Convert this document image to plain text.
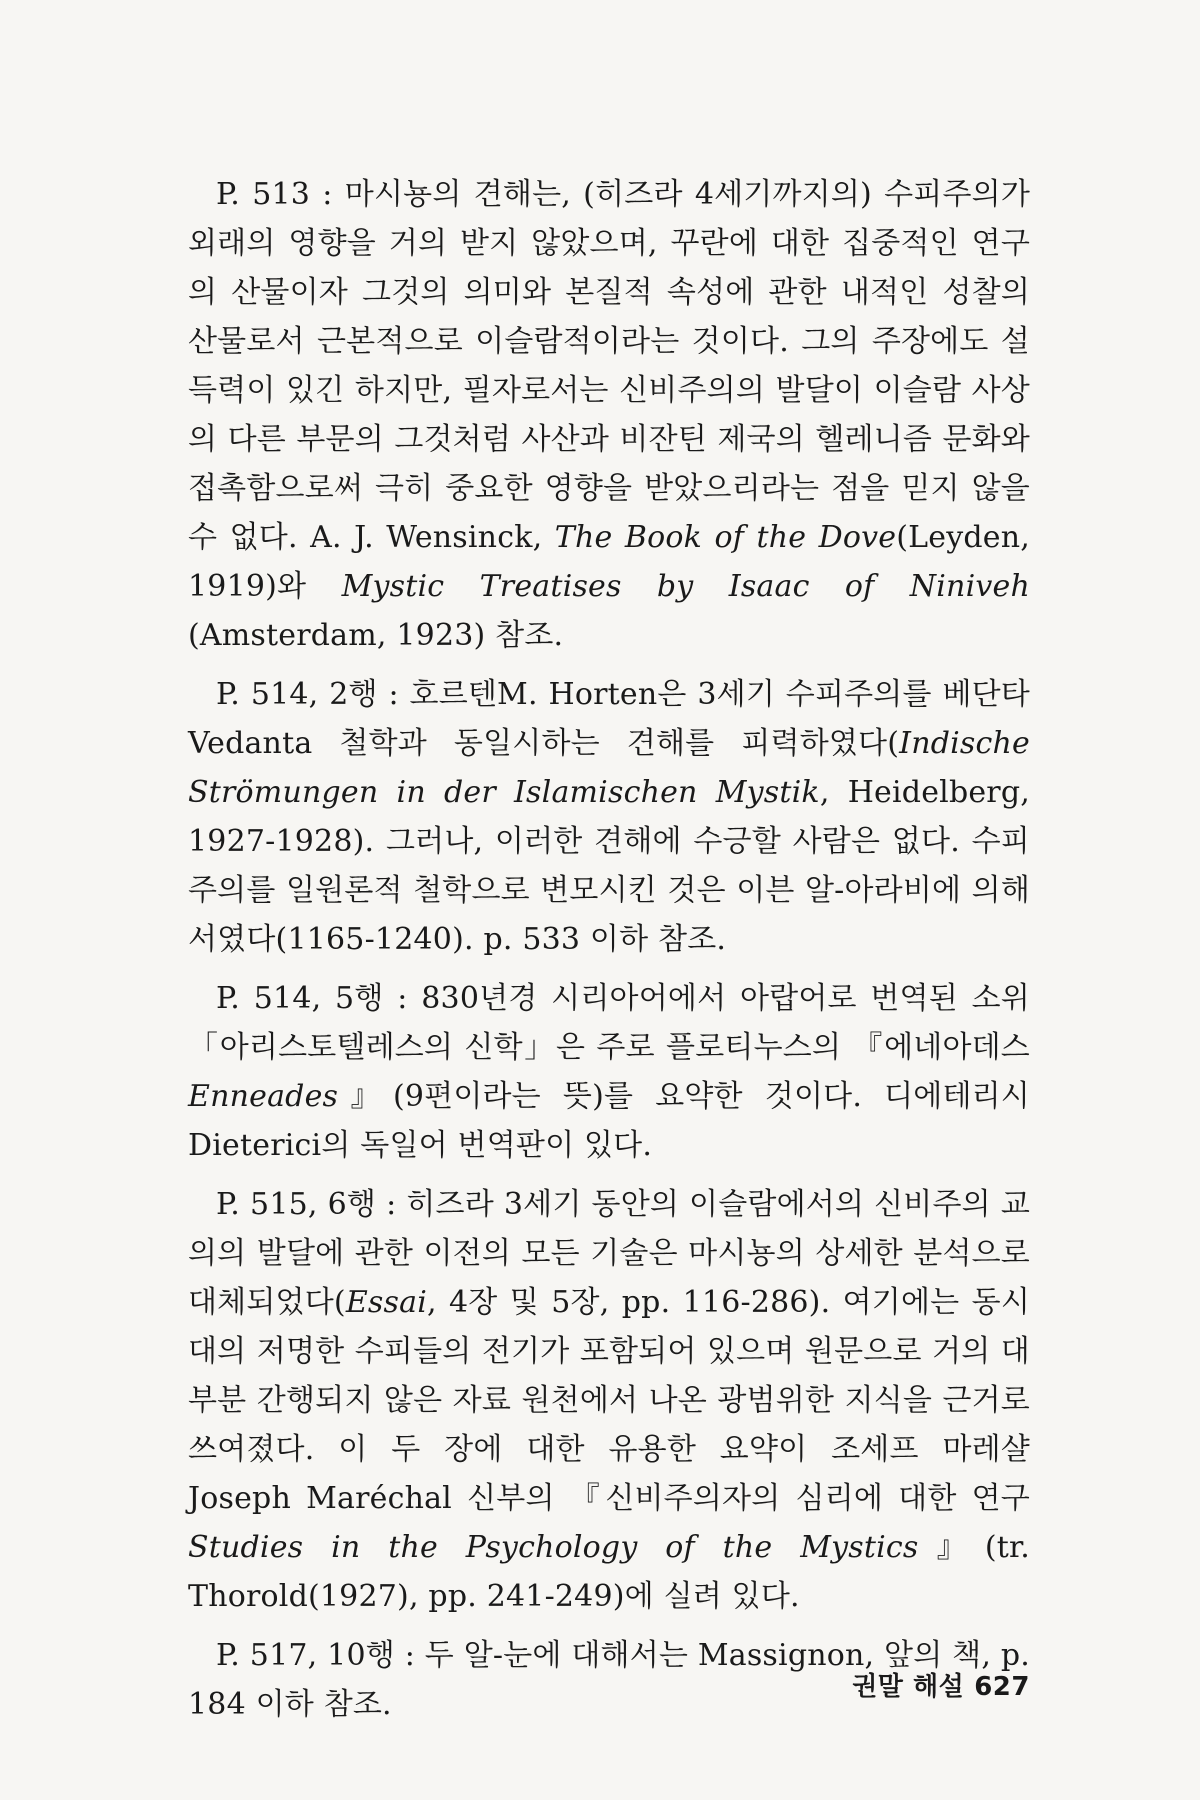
P. 513 : 마시뇽의 견해는, (히즈라 4세기까지의) 수피주의가 외래의 영향을 거의 받지 않았으며, 꾸란에 대한 집중적인 연구의 산물이자 그것의 의미와 본질적 속성에 관한 내적인 성찰의 산물로서 근본적으로 이슬람적이라는 것이다. 그의 주장에도 설득력이 있긴 하지만, 필자로서는 신비주의의 발달이 이슬람 사상의 다른 부문의 그것처럼 사산과 비잔틴 제국의 헬레니즘 문화와 접촉함으로써 극히 중요한 영향을 받았으리라는 점을 믿지 않을 수 없다. A. J. Wensinck, The Book of the Dove(Leyden, 1919)와 Mystic Treatises by Isaac of Niniveh (Amsterdam, 1923) 참조.

P. 514, 2행 : 호르텐M. Horten은 3세기 수피주의를 베단타 Vedanta 철학과 동일시하는 견해를 피력하였다(Indische Strömungen in der Islamischen Mystik, Heidelberg, 1927-1928). 그러나, 이러한 견해에 수긍할 사람은 없다. 수피주의를 일원론적 철학으로 변모시킨 것은 이븐 알-아라비에 의해서였다(1165-1240). p. 533 이하 참조.

P. 514, 5행 : 830년경 시리아어에서 아랍어로 번역된 소위 「아리스토텔레스의 신학」은 주로 플로티누스의 『에네아데스Enneades』(9편이라는 뜻)를 요약한 것이다. 디에테리시 Dieterici의 독일어 번역판이 있다.

P. 515, 6행 : 히즈라 3세기 동안의 이슬람에서의 신비주의 교의의 발달에 관한 이전의 모든 기술은 마시뇽의 상세한 분석으로 대체되었다(Essai, 4장 및 5장, pp. 116-286). 여기에는 동시대의 저명한 수피들의 전기가 포함되어 있으며 원문으로 거의 대부분 간행되지 않은 자료 원천에서 나온 광범위한 지식을 근거로 쓰여졌다. 이 두 장에 대한 유용한 요약이 조세프 마레샬 Joseph Maréchal 신부의 『신비주의자의 심리에 대한 연구Studies in the Psychology of the Mystics』(tr. Thorold(1927), pp. 241-249)에 실려 있다.

P. 517, 10행 : 두 알-눈에 대해서는 Massignon, 앞의 책, p. 184 이하 참조.	권말 해설 627
